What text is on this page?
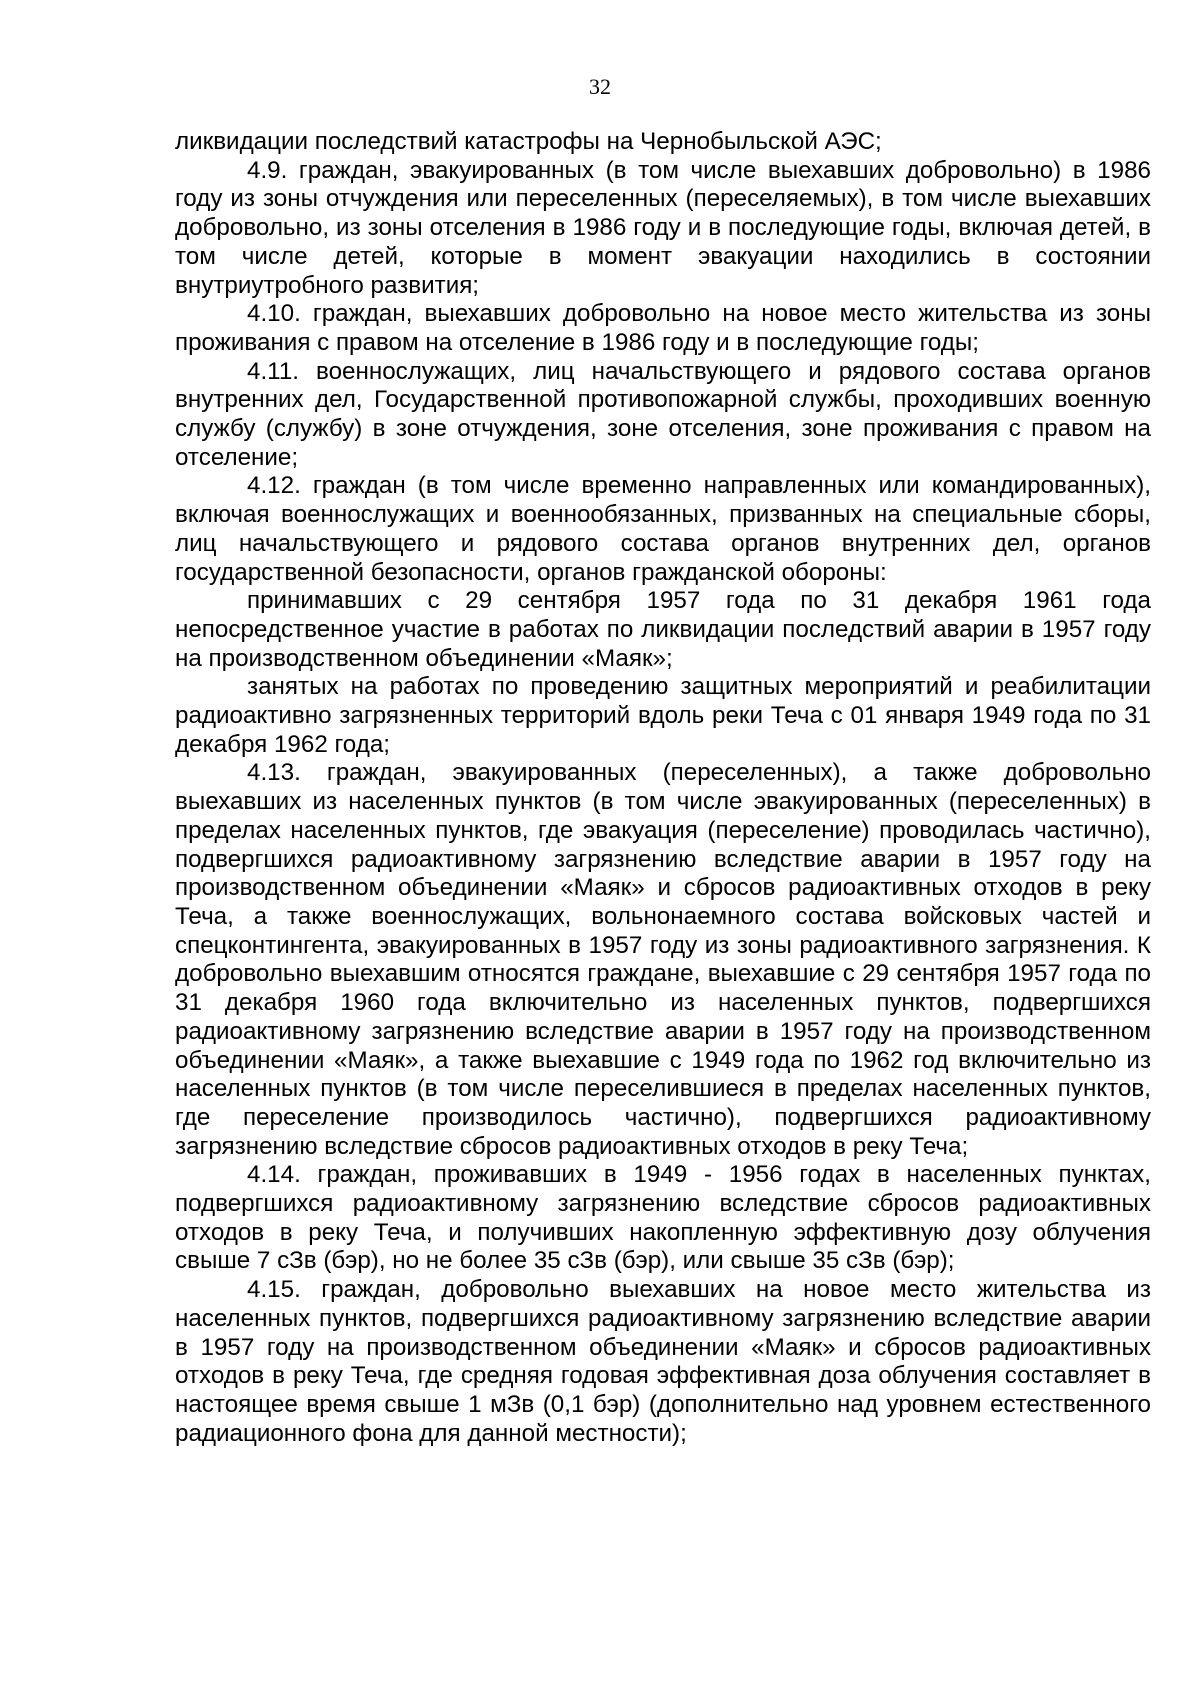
32

ликвидации последствий катастрофы на Чернобыльской АЭС;

4.9. граждан, эвакуированных (в том числе выехавших добровольно) в 1986 году из зоны отчуждения или переселенных (переселяемых), в том числе выехавших добровольно, из зоны отселения в 1986 году и в последующие годы, включая детей, в том числе детей, которые в момент эвакуации находились в состоянии внутриутробного развития;

4.10. граждан, выехавших добровольно на новое место жительства из зоны проживания с правом на отселение в 1986 году и в последующие годы;

4.11. военнослужащих, лиц начальствующего и рядового состава органов внутренних дел, Государственной противопожарной службы, проходивших военную службу (службу) в зоне отчуждения, зоне отселения, зоне проживания с правом на отселение;

4.12. граждан (в том числе временно направленных или командированных), включая военнослужащих и военнообязанных, призванных на специальные сборы, лиц начальствующего и рядового состава органов внутренних дел, органов государственной безопасности, органов гражданской обороны:

принимавших с 29 сентября 1957 года по 31 декабря 1961 года непосредственное участие в работах по ликвидации последствий аварии в 1957 году на производственном объединении «Маяк»;

занятых на работах по проведению защитных мероприятий и реабилитации радиоактивно загрязненных территорий вдоль реки Теча с 01 января 1949 года по 31 декабря 1962 года;

4.13. граждан, эвакуированных (переселенных), а также добровольно выехавших из населенных пунктов (в том числе эвакуированных (переселенных) в пределах населенных пунктов, где эвакуация (переселение) проводилась частично), подвергшихся радиоактивному загрязнению вследствие аварии в 1957 году на производственном объединении «Маяк» и сбросов радиоактивных отходов в реку Теча, а также военнослужащих, вольнонаемного состава войсковых частей и спецконтингента, эвакуированных в 1957 году из зоны радиоактивного загрязнения. К добровольно выехавшим относятся граждане, выехавшие с 29 сентября 1957 года по 31 декабря 1960 года включительно из населенных пунктов, подвергшихся радиоактивному загрязнению вследствие аварии в 1957 году на производственном объединении «Маяк», а также выехавшие с 1949 года по 1962 год включительно из населенных пунктов (в том числе переселившиеся в пределах населенных пунктов, где переселение производилось частично), подвергшихся радиоактивному загрязнению вследствие сбросов радиоактивных отходов в реку Теча;

4.14. граждан, проживавших в 1949 - 1956 годах в населенных пунктах, подвергшихся радиоактивному загрязнению вследствие сбросов радиоактивных отходов в реку Теча, и получивших накопленную эффективную дозу облучения свыше 7 сЗв (бэр), но не более 35 сЗв (бэр), или свыше 35 сЗв (бэр);

4.15. граждан, добровольно выехавших на новое место жительства из населенных пунктов, подвергшихся радиоактивному загрязнению вследствие аварии в 1957 году на производственном объединении «Маяк» и сбросов радиоактивных отходов в реку Теча, где средняя годовая эффективная доза облучения составляет в настоящее время свыше 1 мЗв (0,1 бэр) (дополнительно над уровнем естественного радиационного фона для данной местности);
